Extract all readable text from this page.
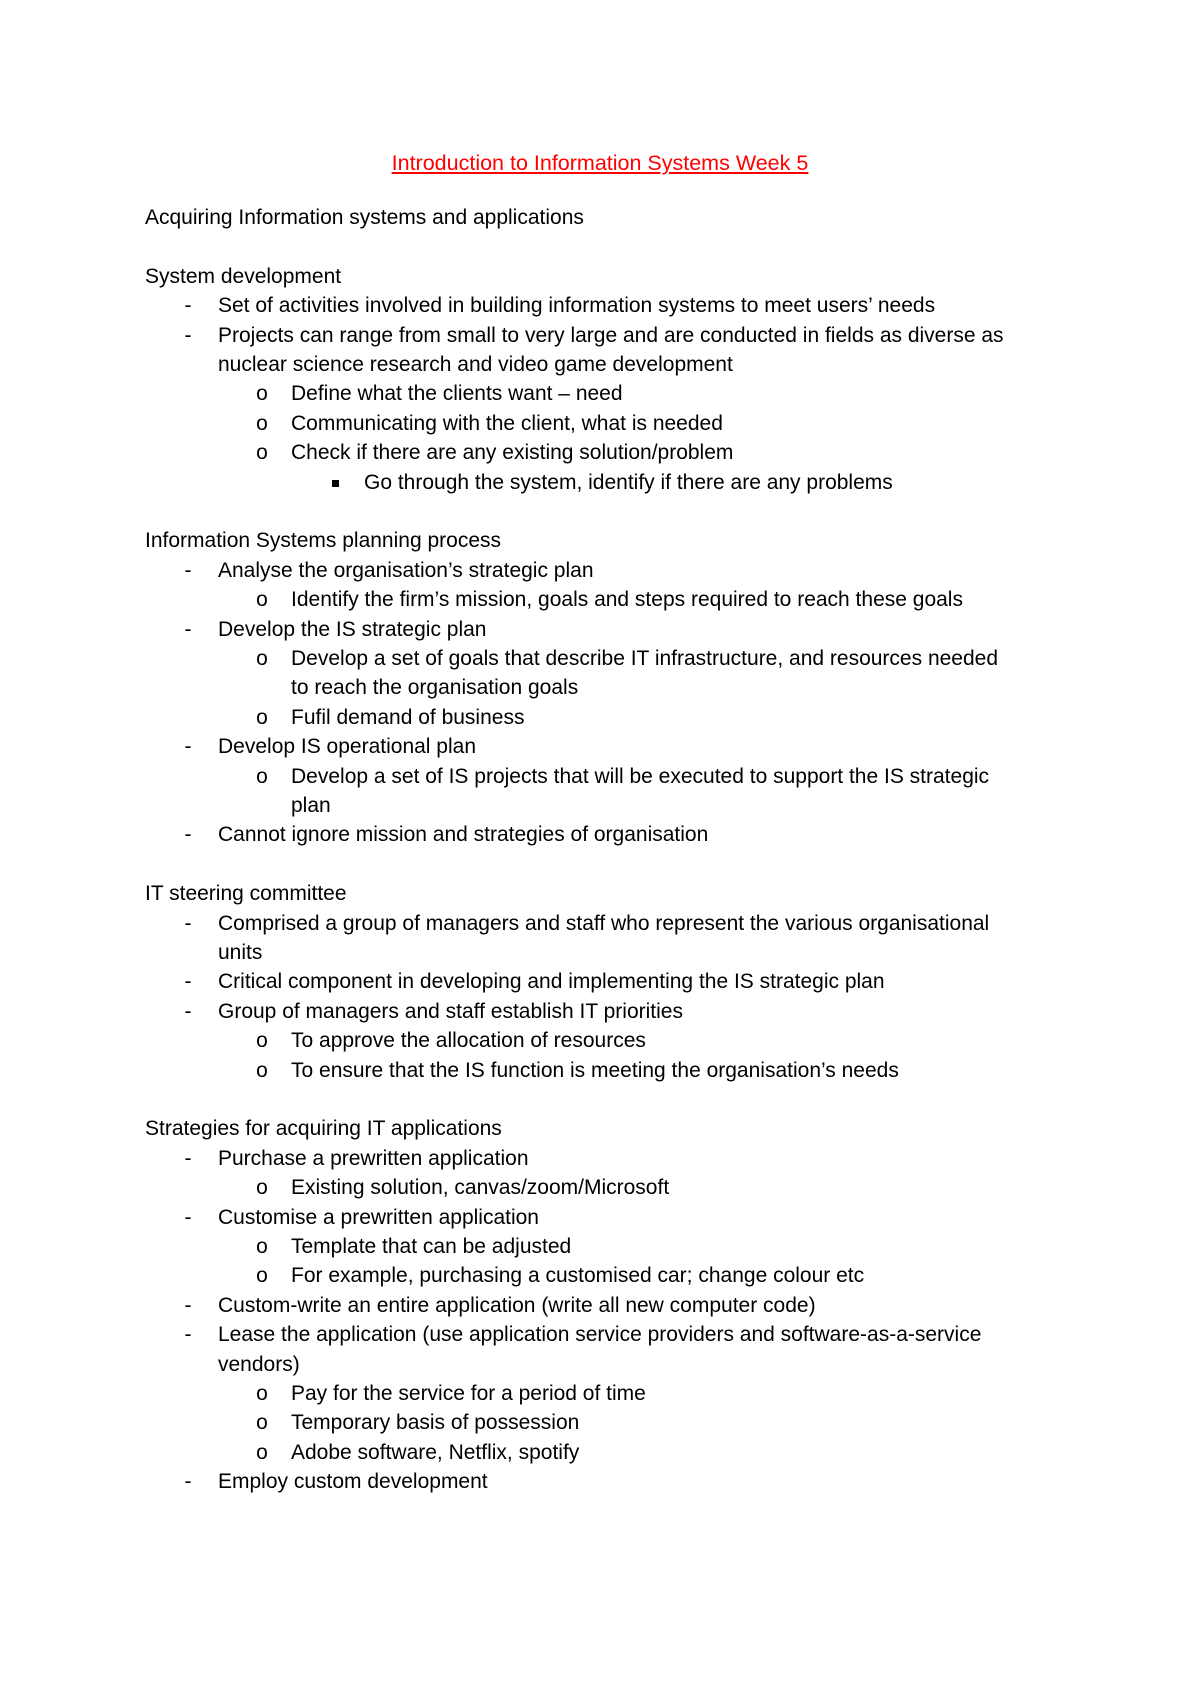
Introduction to Information Systems Week 5
Acquiring Information systems and applications
System development
-	Set of activities involved in building information systems to meet users’ needs
-	Projects can range from small to very large and are conducted in fields as diverse as
nuclear science research and video game development
o Define what the clients want – need
o Communicating with the client, what is needed
o Check if there are any existing solution/problem
Go through the system, identify if there are any problems
Information Systems planning process
-	Analyse the organisation’s strategic plan
o Identify the firm’s mission, goals and steps required to reach these goals
-	Develop the IS strategic plan
o Develop a set of goals that describe IT infrastructure, and resources needed
to reach the organisation goals
o Fufil demand of business
-	Develop IS operational plan
o Develop a set of IS projects that will be executed to support the IS strategic
plan
-	Cannot ignore mission and strategies of organisation
IT steering committee
-	Comprised a group of managers and staff who represent the various organisational
units
-	Critical component in developing and implementing the IS strategic plan
-	Group of managers and staff establish IT priorities
o To approve the allocation of resources
o To ensure that the IS function is meeting the organisation’s needs
Strategies for acquiring IT applications
-	Purchase a prewritten application
o Existing solution, canvas/zoom/Microsoft
-	Customise a prewritten application
o Template that can be adjusted
o For example, purchasing a customised car; change colour etc
-	Custom-write an entire application (write all new computer code)
-	Lease the application (use application service providers and software-as-a-service
vendors)
o Pay for the service for a period of time
o Temporary basis of possession
o Adobe software, Netflix, spotify
-	Employ custom development
